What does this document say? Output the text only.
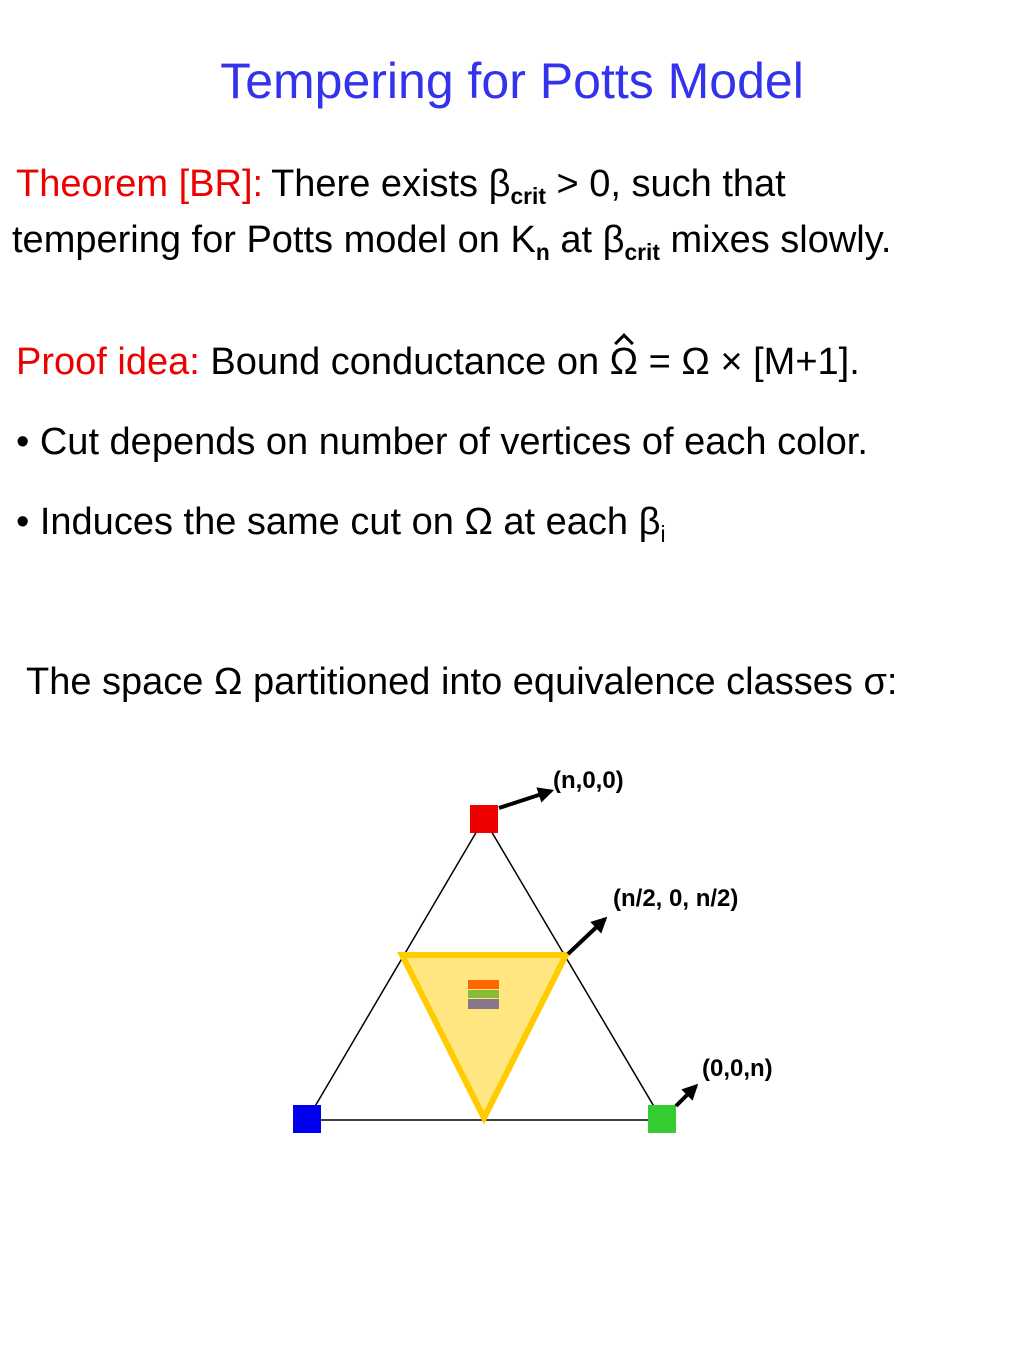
Tempering for Potts Model
Theorem [BR]: There exists $\beta_{crit} > 0$, such that
tempering for Potts model on $K_n$ at $\beta_{crit}$ mixes slowly.
Proof idea: Bound conductance on Ω = Ω × [M+1].
• Cut depends on number of vertices of each color.
• Induces the same cut on Ω at each $\beta_i$
The space Ω partitioned into equivalence classes σ:
(n,0,0)
(n/2, 0, n/2)
(0,0,n)
